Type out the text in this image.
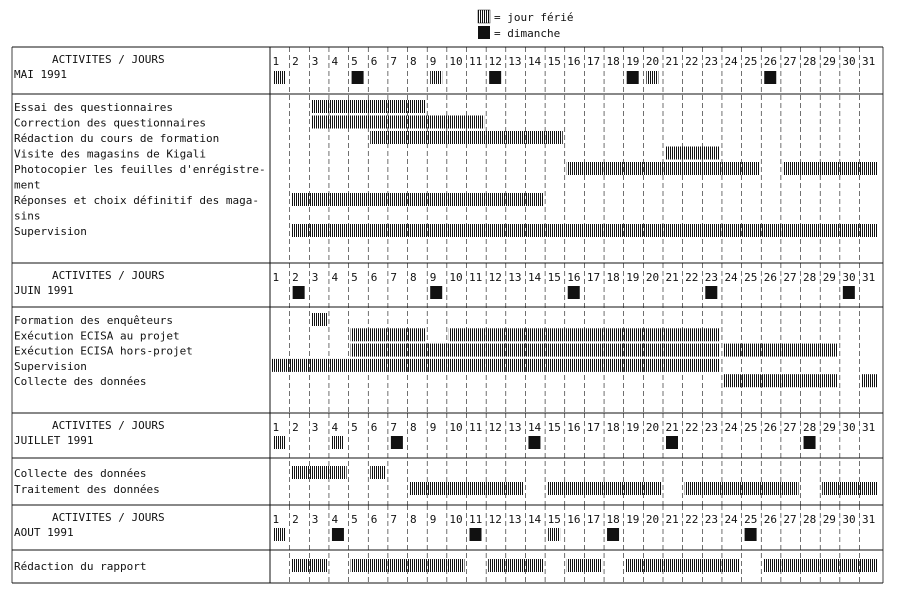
= jour férié
= dimanche
1 2 3 4 5 6 7 8 9 10 11 12 13 14 15 16 17 18 19 20 21 22 23 24 25 26 27 28 29 30 31
ACTIVITES / JOURS
MAI 1991
Essai des questionnaires
Correction des questionnaires
Rédaction du cours de formation
Visite des magasins de Kigali
Photocopier les feuilles d'enrégistre-
ment
Réponses et choix définitif des maga-
sins
Supervision
1 2 3 4 5 6 7 8 9 10 11 12 13 14 15 16 17 18 19 20 21 22 23 24 25 26 27 28 29 30 31
ACTIVITES / JOURS
JUIN 1991
Formation des enquêteurs
Exécution ECISA au projet
Exécution ECISA hors-projet
Supervision
Collecte des données
1 2 3 4 5 6 7 8 9 10 11 12 13 14 15 16 17 18 19 20 21 22 23 24 25 26 27 28 29 30 31
ACTIVITES / JOURS
JUILLET 1991
Collecte des données
Traitement des données
1 2 3 4 5 6 7 8 9 10 11 12 13 14 15 16 17 18 19 20 21 22 23 24 25 26 27 28 29 30 31
ACTIVITES / JOURS
AOUT 1991
Rédaction du rapport
